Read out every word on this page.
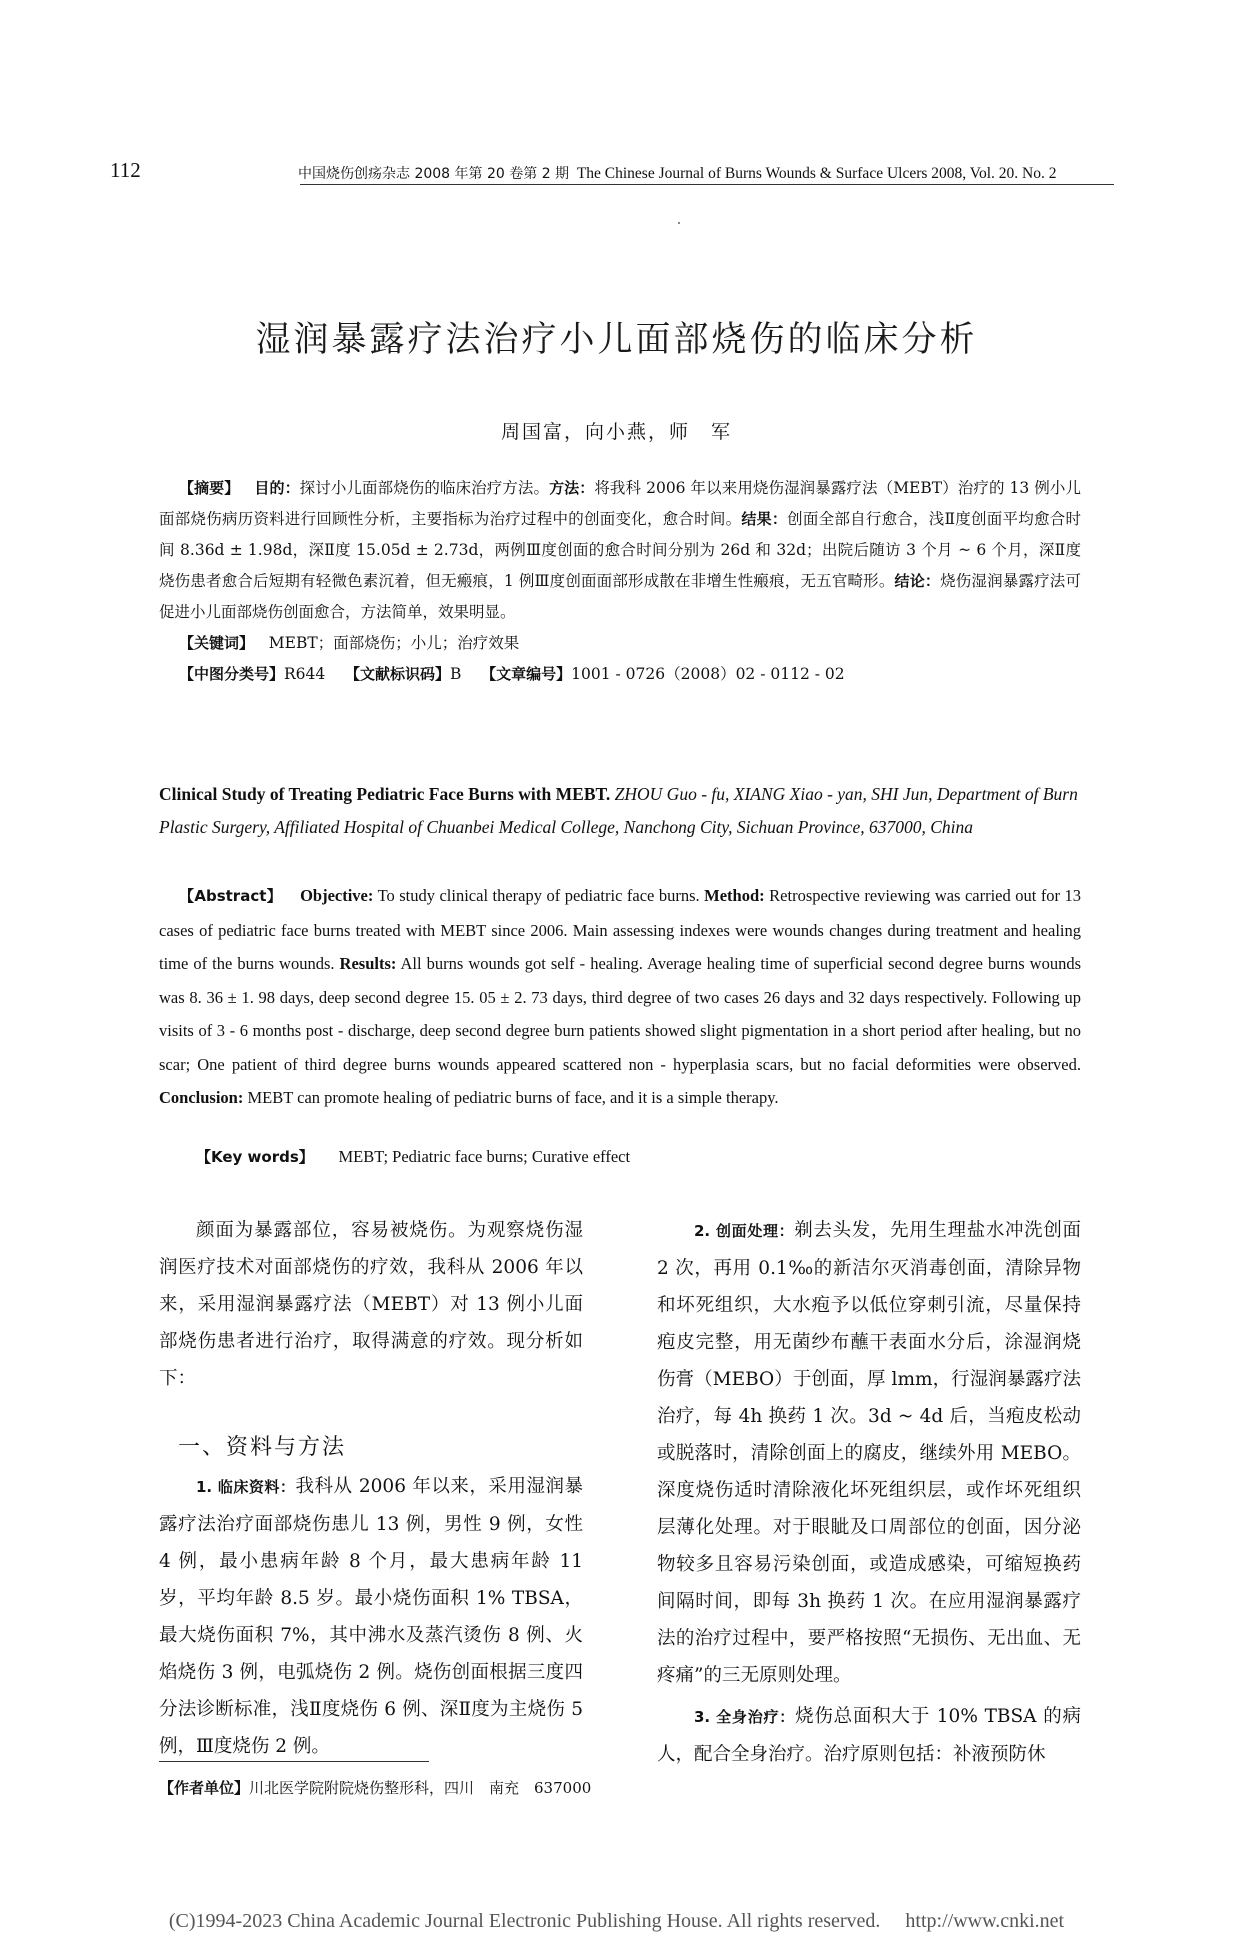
112	中国烧伤创疡杂志 2008 年第 20 卷第 2 期 The Chinese Journal of Burns Wounds & Surface Ulcers 2008, Vol. 20. No. 2
湿润暴露疗法治疗小儿面部烧伤的临床分析
周国富，向小燕，师　军

【摘要】 目的：探讨小儿面部烧伤的临床治疗方法。方法：将我科 2006 年以来用烧伤湿润暴露疗法（MEBT）治疗的 13 例小儿面部烧伤病历资料进行回顾性分析，主要指标为治疗过程中的创面变化，愈合时间。结果：创面全部自行愈合，浅Ⅱ度创面平均愈合时间 8.36d ± 1.98d，深Ⅱ度 15.05d ± 2.73d，两例Ⅲ度创面的愈合时间分别为 26d 和 32d；出院后随访 3 个月 ~ 6 个月，深Ⅱ度烧伤患者愈合后短期有轻微色素沉着，但无瘢痕，1 例Ⅲ度创面面部形成散在非增生性瘢痕，无五官畸形。结论：烧伤湿润暴露疗法可促进小儿面部烧伤创面愈合，方法简单，效果明显。

【关键词】 MEBT；面部烧伤；小儿；治疗效果

【中图分类号】R644 【文献标识码】B 【文章编号】1001 - 0726（2008）02 - 0112 - 02

Clinical Study of Treating Pediatric Face Burns with MEBT. ZHOU Guo - fu, XIANG Xiao - yan, SHI Jun, Department of Burn Plastic Surgery, Affiliated Hospital of Chuanbei Medical College, Nanchong City, Sichuan Province, 637000, China
【Abstract】 Objective: To study clinical therapy of pediatric face burns. Method: Retrospective reviewing was carried out for 13 cases of pediatric face burns treated with MEBT since 2006. Main assessing indexes were wounds changes during treatment and healing time of the burns wounds. Results: All burns wounds got self - healing. Average healing time of superficial second degree burns wounds was 8. 36 ± 1. 98 days, deep second degree 15. 05 ± 2. 73 days, third degree of two cases 26 days and 32 days respectively. Following up visits of 3 - 6 months post - discharge, deep second degree burn patients showed slight pigmentation in a short period after healing, but no scar; One patient of third degree burns wounds appeared scattered non - hyperplasia scars, but no facial deformities were observed. Conclusion: MEBT can promote healing of pediatric burns of face, and it is a simple therapy.
【Key words】 MEBT; Pediatric face burns; Curative effect

颜面为暴露部位，容易被烧伤。为观察烧伤湿润医疗技术对面部烧伤的疗效，我科从 2006 年以来，采用湿润暴露疗法（MEBT）对 13 例小儿面部烧伤患者进行治疗，取得满意的疗效。现分析如下：

一、资料与方法

1. 临床资料：我科从 2006 年以来，采用湿润暴露疗法治疗面部烧伤患儿 13 例，男性 9 例，女性 4 例，最小患病年龄 8 个月，最大患病年龄 11 岁，平均年龄 8.5 岁。最小烧伤面积 1% TBSA，最大烧伤面积 7%，其中沸水及蒸汽烫伤 8 例、火焰烧伤 3 例，电弧烧伤 2 例。烧伤创面根据三度四分法诊断标准，浅Ⅱ度烧伤 6 例、深Ⅱ度为主烧伤 5 例，Ⅲ度烧伤 2 例。

2. 创面处理：剃去头发，先用生理盐水冲洗创面 2 次，再用 0.1‰的新洁尔灭消毒创面，清除异物和坏死组织，大水疱予以低位穿刺引流，尽量保持疱皮完整，用无菌纱布蘸干表面水分后，涂湿润烧伤膏（MEBO）于创面，厚 lmm，行湿润暴露疗法治疗，每 4h 换药 1 次。3d ~ 4d 后，当疱皮松动或脱落时，清除创面上的腐皮，继续外用 MEBO。深度烧伤适时清除液化坏死组织层，或作坏死组织层薄化处理。对于眼眦及口周部位的创面，因分泌物较多且容易污染创面，或造成感染，可缩短换药间隔时间，即每 3h 换药 1 次。在应用湿润暴露疗法的治疗过程中，要严格按照“无损伤、无出血、无疼痛”的三无原则处理。

3. 全身治疗：烧伤总面积大于 10% TBSA 的病人，配合全身治疗。治疗原则包括：补液预防休

【作者单位】川北医学院附院烧伤整形科，四川　南充　637000
(C)1994-2023 China Academic Journal Electronic Publishing House. All rights reserved.　 http://www.cnki.net
